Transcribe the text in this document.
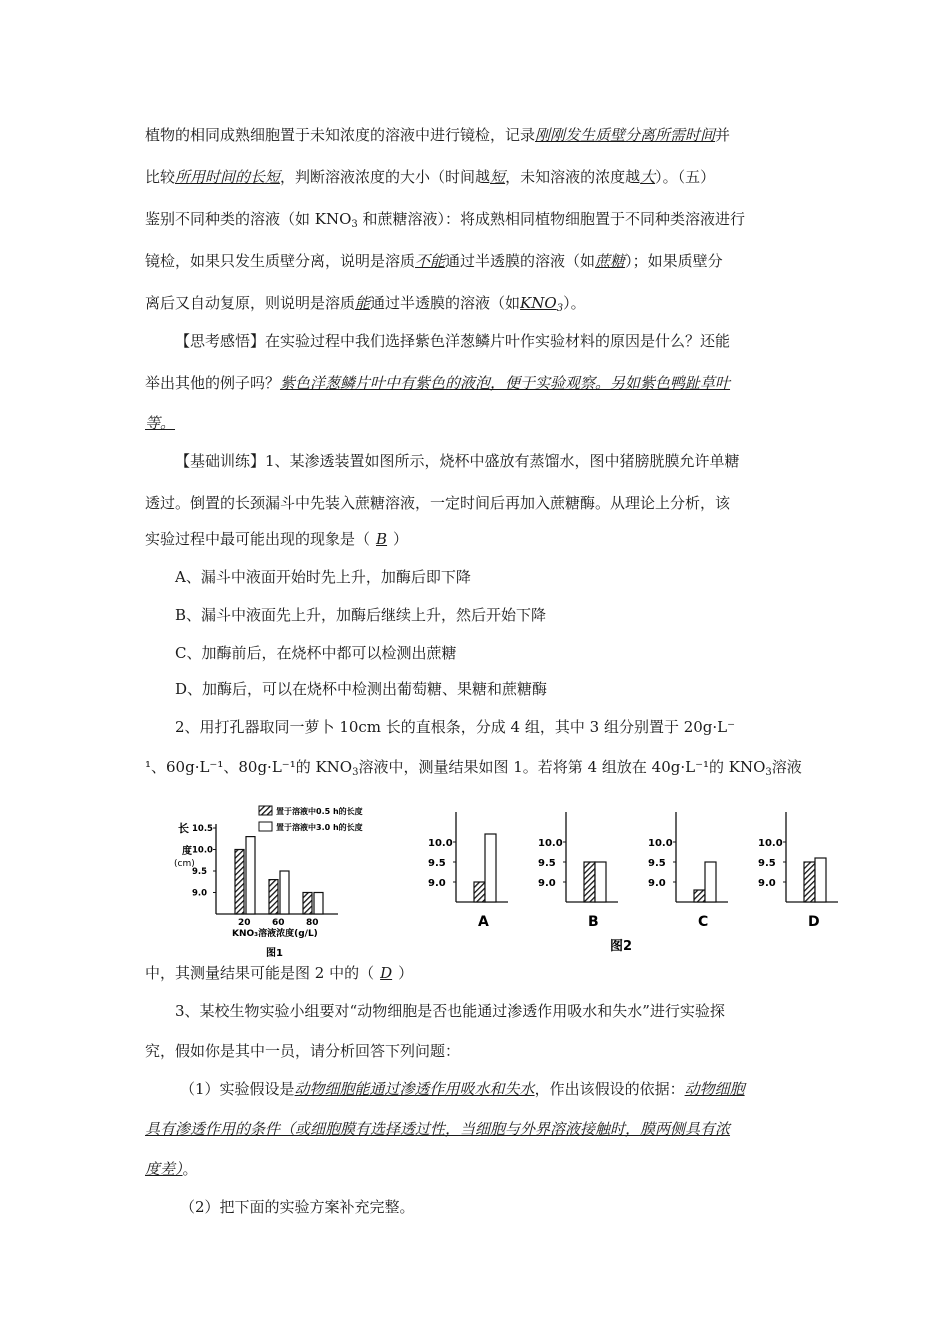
植物的相同成熟细胞置于未知浓度的溶液中进行镜检，记录刚刚发生质壁分离所需时间并
比较所用时间的长短，判断溶液浓度的大小（时间越短，未知溶液的浓度越大）。（五）
鉴别不同种类的溶液（如 $KNO_3$ 和蔗糖溶液）：将成熟相同植物细胞置于不同种类溶液进行
镜检，如果只发生质壁分离，说明是溶质不能通过半透膜的溶液（如蔗糖）；如果质壁分
离后又自动复原，则说明是溶质能通过半透膜的溶液（如$KNO_3$）。
【思考感悟】在实验过程中我们选择紫色洋葱鳞片叶作实验材料的原因是什么？还能
举出其他的例子吗？紫色洋葱鳞片叶中有紫色的液泡，便于实验观察。另如紫色鸭趾草叶
等。
【基础训练】1、某渗透装置如图所示，烧杯中盛放有蒸馏水，图中猪膀胱膜允许单糖
透过。倒置的长颈漏斗中先装入蔗糖溶液，一定时间后再加入蔗糖酶。从理论上分析，该
实验过程中最可能出现的现象是（ B ）
A、漏斗中液面开始时先上升，加酶后即下降
B、漏斗中液面先上升，加酶后继续上升，然后开始下降
C、加酶前后，在烧杯中都可以检测出蔗糖
D、加酶后，可以在烧杯中检测出葡萄糖、果糖和蔗糖酶
2、用打孔器取同一萝卜 10cm 长的直根条，分成 4 组，其中 3 组分别置于 20g·L⁻
¹、60g·L⁻¹、80g·L⁻¹的 $KNO_3$溶液中，测量结果如图 1。若将第 4 组放在 40g·L⁻¹的 $KNO_3$溶液
长
度
(cm)
置于溶液中0.5 h的长度
置于溶液中3.0 h的长度
10.5
10.0
9.5
9.0
20 60 80
KNO₃溶液浓度(g/L)
图1
10.0
9.5
9.0
A
10.0
9.5
9.0
B
10.0
9.5
9.0
C
10.0
9.5
9.0
D
图2
中，其测量结果可能是图 2 中的（ D ）
3、某校生物实验小组要对“动物细胞是否也能通过渗透作用吸水和失水”进行实验探
究，假如你是其中一员，请分析回答下列问题：
（1）实验假设是动物细胞能通过渗透作用吸水和失水，作出该假设的依据：动物细胞
具有渗透作用的条件（或细胞膜有选择透过性，当细胞与外界溶液接触时，膜两侧具有浓
度差）。
（2）把下面的实验方案补充完整。
